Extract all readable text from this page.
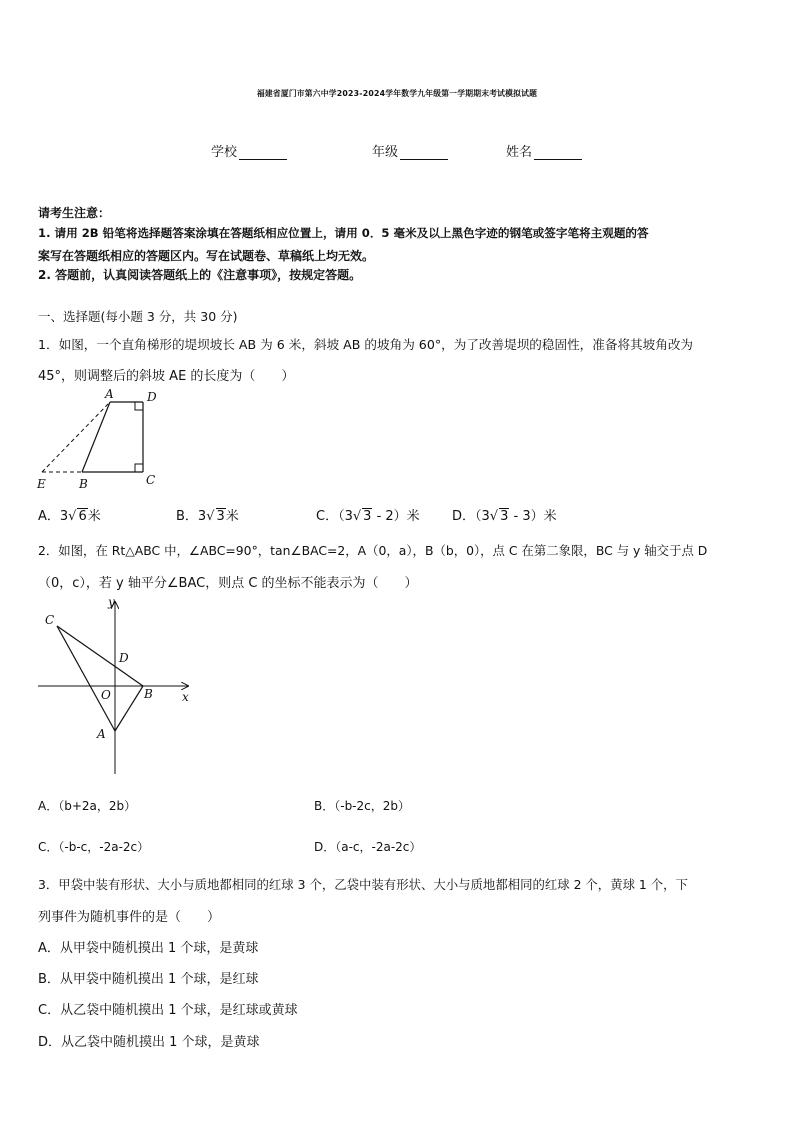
福建省厦门市第六中学2023-2024学年数学九年级第一学期期末考试模拟试题
学校	年级	姓名
请考生注意：
1. 请用 2B 铅笔将选择题答案涂填在答题纸相应位置上，请用 0．5 毫米及以上黑色字迹的钢笔或签字笔将主观题的答
案写在答题纸相应的答题区内。写在试题卷、草稿纸上均无效。
2. 答题前，认真阅读答题纸上的《注意事项》，按规定答题。
一、选择题(每小题 3 分，共 30 分)
1．如图，一个直角梯形的堤坝坡长 AB 为 6 米，斜坡 AB 的坡角为 60°，为了改善堤坝的稳固性，准备将其坡角改为
45°，则调整后的斜坡 AE 的长度为（　　）
A	D
E	B	C
A．3√ 6米	B．3√ 3米	C．（3√ 3 - 2）米 D．（3√ 3 - 3）米
2．如图，在 Rt△ABC 中，∠ABC=90°，tan∠BAC=2，A（0，a），B（b，0），点 C 在第二象限，BC 与 y 轴交于点 D
（0，c），若 y 轴平分∠BAC，则点 C 的坐标不能表示为（　　）
y
x
C
D
O	B
A
A．（b+2a，2b）	B．（-b-2c，2b）
C．（-b-c，-2a-2c）	D．（a-c，-2a-2c）
3．甲袋中装有形状、大小与质地都相同的红球 3 个，乙袋中装有形状、大小与质地都相同的红球 2 个，黄球 1 个，下
列事件为随机事件的是（　　）
A．从甲袋中随机摸出 1 个球，是黄球
B．从甲袋中随机摸出 1 个球，是红球
C．从乙袋中随机摸出 1 个球，是红球或黄球
D．从乙袋中随机摸出 1 个球，是黄球
